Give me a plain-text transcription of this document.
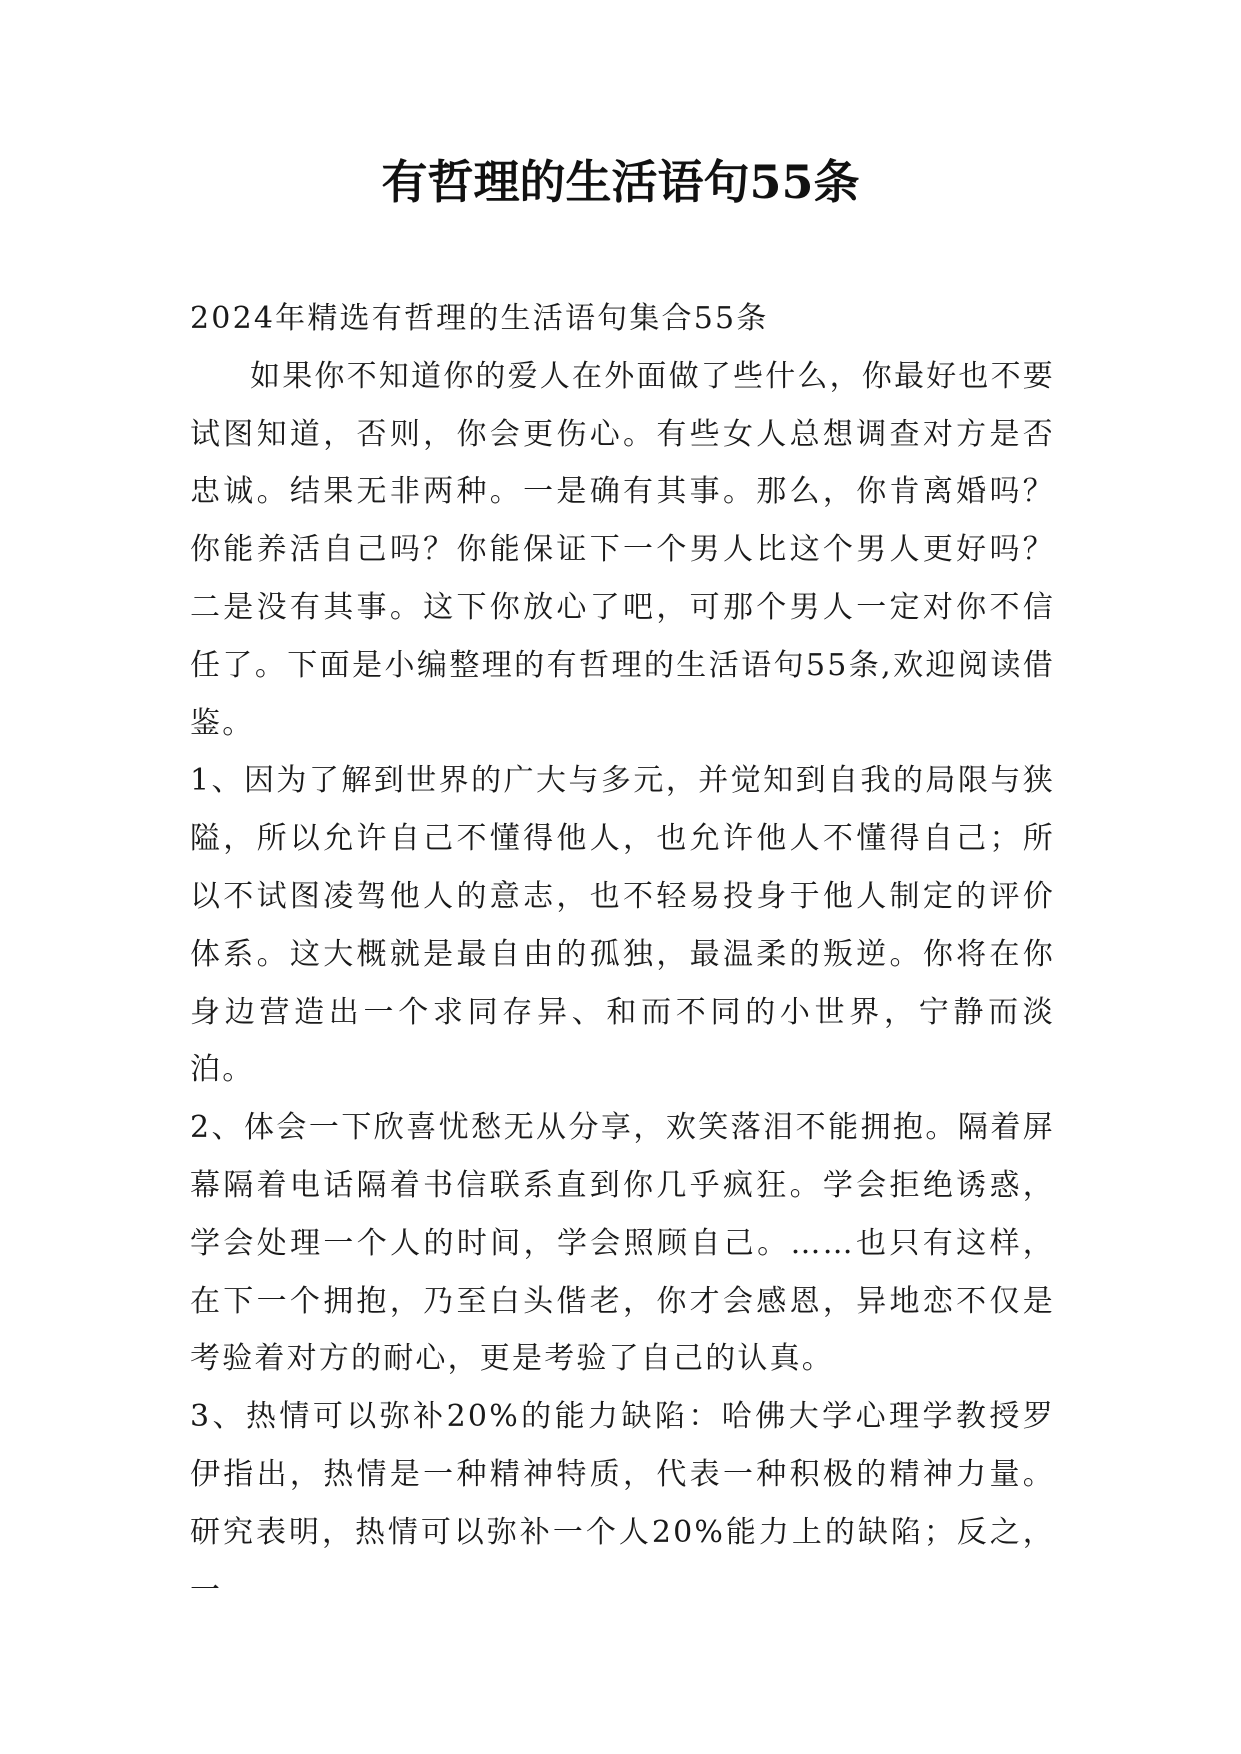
有哲理的生活语句55条

2024年精选有哲理的生活语句集合55条

如果你不知道你的爱人在外面做了些什么，你最好也不要试图知道，否则，你会更伤心。有些女人总想调查对方是否忠诚。结果无非两种。一是确有其事。那么，你肯离婚吗？你能养活自己吗？你能保证下一个男人比这个男人更好吗？二是没有其事。这下你放心了吧，可那个男人一定对你不信任了。下面是小编整理的有哲理的生活语句55条,欢迎阅读借鉴。

1、因为了解到世界的广大与多元，并觉知到自我的局限与狭隘，所以允许自己不懂得他人，也允许他人不懂得自己；所以不试图凌驾他人的意志，也不轻易投身于他人制定的评价体系。这大概就是最自由的孤独，最温柔的叛逆。你将在你身边营造出一个求同存异、和而不同的小世界，宁静而淡泊。

2、体会一下欣喜忧愁无从分享，欢笑落泪不能拥抱。隔着屏幕隔着电话隔着书信联系直到你几乎疯狂。学会拒绝诱惑，学会处理一个人的时间，学会照顾自己。……也只有这样，在下一个拥抱，乃至白头偕老，你才会感恩，异地恋不仅是考验着对方的耐心，更是考验了自己的认真。

3、热情可以弥补20%的能力缺陷：哈佛大学心理学教授罗伊指出，热情是一种精神特质，代表一种积极的精神力量。研究表明，热情可以弥补一个人20%能力上的缺陷；反之，一
